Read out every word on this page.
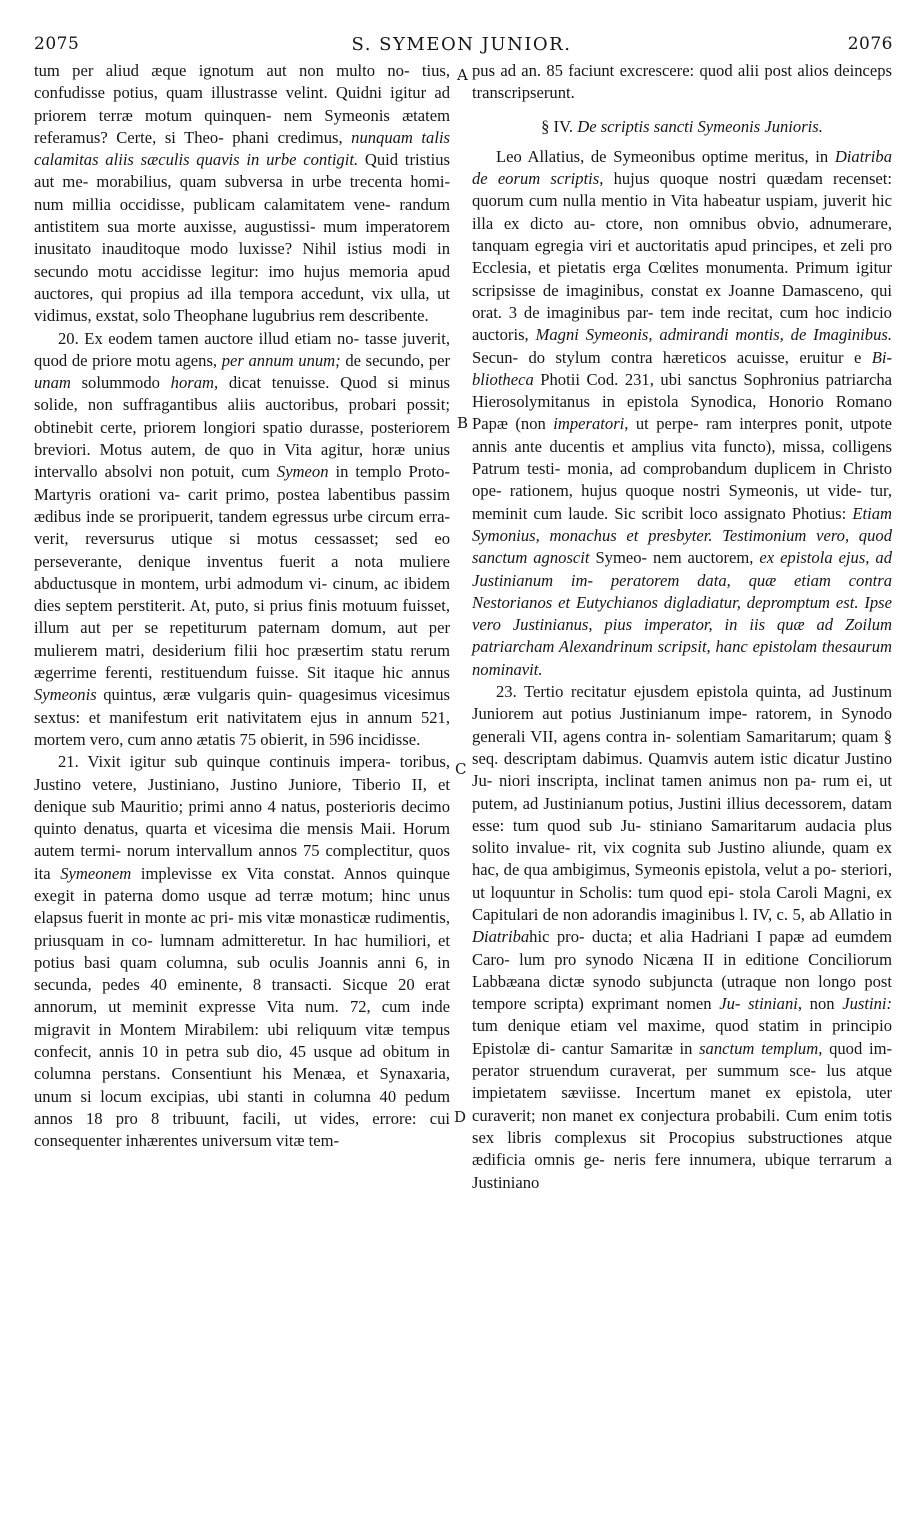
2075	S. SYMEON JUNIOR.	2076
A
B
C
D

tum per aliud æque ignotum aut non multo no- tius, confudisse potius, quam illustrasse velint. Quidni igitur ad priorem terræ motum quinquen- nem Symeonis ætatem referamus? Certe, si Theo- phani credimus, nunquam talis calamitas aliis sæculis quavis in urbe contigit. Quid tristius aut me- morabilius, quam subversa in urbe trecenta homi- num millia occidisse, publicam calamitatem vene- randum antistitem sua morte auxisse, augustissi- mum imperatorem inusitato inauditoque modo luxisse? Nihil istius modi in secundo motu accidisse legitur: imo hujus memoria apud auctores, qui propius ad illa tempora accedunt, vix ulla, ut vidimus, exstat, solo Theophane lugubrius rem describente.

20. Ex eodem tamen auctore illud etiam no- tasse juverit, quod de priore motu agens, per annum unum; de secundo, per unam solummodo horam, dicat tenuisse. Quod si minus solide, non suffragantibus aliis auctoribus, probari possit; obtinebit certe, priorem longiori spatio durasse, posteriorem breviori. Motus autem, de quo in Vita agitur, horæ unius intervallo absolvi non potuit, cum Symeon in templo Proto-Martyris orationi va- carit primo, postea labentibus passim ædibus inde se proripuerit, tandem egressus urbe circum erra- verit, reversurus utique si motus cessasset; sed eo perseverante, denique inventus fuerit a nota muliere abductusque in montem, urbi admodum vi- cinum, ac ibidem dies septem perstiterit. At, puto, si prius finis motuum fuisset, illum aut per se repetiturum paternam domum, aut per mulierem matri, desiderium filii hoc præsertim statu rerum ægerrime ferenti, restituendum fuisse. Sit itaque hic annus Symeonis quintus, æræ vulgaris quin- quagesimus vicesimus sextus: et manifestum erit nativitatem ejus in annum 521, mortem vero, cum anno ætatis 75 obierit, in 596 incidisse.

21. Vixit igitur sub quinque continuis impera- toribus, Justino vetere, Justiniano, Justino Juniore, Tiberio II, et denique sub Mauritio; primi anno 4 natus, posterioris decimo quinto denatus, quarta et vicesima die mensis Maii. Horum autem termi- norum intervallum annos 75 complectitur, quos ita Symeonem implevisse ex Vita constat. Annos quinque exegit in paterna domo usque ad terræ motum; hinc unus elapsus fuerit in monte ac pri- mis vitæ monasticæ rudimentis, priusquam in co- lumnam admitteretur. In hac humiliori, et potius basi quam columna, sub oculis Joannis anni 6, in secunda, pedes 40 eminente, 8 transacti. Sicque 20 erat annorum, ut meminit expresse Vita num. 72, cum inde migravit in Montem Mirabilem: ubi reliquum vitæ tempus confecit, annis 10 in petra sub dio, 45 usque ad obitum in columna perstans. Consentiunt his Menæa, et Synaxaria, unum si locum excipias, ubi stanti in columna 40 pedum annos 18 pro 8 tribuunt, facili, ut vides, errore: cui consequenter inhærentes universum vitæ tem-

pus ad an. 85 faciunt excrescere: quod alii post alios deinceps transcripserunt.

§ IV. De scriptis sancti Symeonis Junioris.

Leo Allatius, de Symeonibus optime meritus, in Diatriba de eorum scriptis, hujus quoque nostri quædam recenset: quorum cum nulla mentio in Vita habeatur uspiam, juverit hic illa ex dicto au- ctore, non omnibus obvio, adnumerare, tanquam egregia viri et auctoritatis apud principes, et zeli pro Ecclesia, et pietatis erga Cœlites monumenta. Primum igitur scripsisse de imaginibus, constat ex Joanne Damasceno, qui orat. 3 de imaginibus par- tem inde recitat, cum hoc indicio auctoris, Magni Symeonis, admirandi montis, de Imaginibus. Secun- do stylum contra hæreticos acuisse, eruitur e Bi- bliotheca Photii Cod. 231, ubi sanctus Sophronius patriarcha Hierosolymitanus in epistola Synodica, Honorio Romano Papæ (non imperatori, ut perpe- ram interpres ponit, utpote annis ante ducentis et amplius vita functo), missa, colligens Patrum testi- monia, ad comprobandum duplicem in Christo ope- rationem, hujus quoque nostri Symeonis, ut vide- tur, meminit cum laude. Sic scribit loco assignato Photius: Etiam Symonius, monachus et presbyter. Testimonium vero, quod sanctum agnoscit Symeo- nem auctorem, ex epistola ejus, ad Justinianum im- peratorem data, quæ etiam contra Nestorianos et Eutychianos digladiatur, depromptum est. Ipse vero Justinianus, pius imperator, in iis quæ ad Zoilum patriarcham Alexandrinum scripsit, hanc epistolam thesaurum nominavit.

23. Tertio recitatur ejusdem epistola quinta, ad Justinum Juniorem aut potius Justinianum impe- ratorem, in Synodo generali VII, agens contra in- solentiam Samaritarum; quam § seq. descriptam dabimus. Quamvis autem istic dicatur Justino Ju- niori inscripta, inclinat tamen animus non pa- rum ei, ut putem, ad Justinianum potius, Justini illius decessorem, datam esse: tum quod sub Ju- stiniano Samaritarum audacia plus solito invalue- rit, vix cognita sub Justino aliunde, quam ex hac, de qua ambigimus, Symeonis epistola, velut a po- steriori, ut loquuntur in Scholis: tum quod epi- stola Caroli Magni, ex Capitulari de non adorandis imaginibus l. IV, c. 5, ab Allatio in Diatribahic pro- ducta; et alia Hadriani I papæ ad eumdem Caro- lum pro synodo Nicæna II in editione Conciliorum Labbæana dictæ synodo subjuncta (utraque non longo post tempore scripta) exprimant nomen Ju- stiniani, non Justini: tum denique etiam vel maxime, quod statim in principio Epistolæ di- cantur Samaritæ in sanctum templum, quod im- perator struendum curaverat, per summum sce- lus atque impietatem sæviisse. Incertum manet ex epistola, uter curaverit; non manet ex conjectura probabili. Cum enim totis sex libris complexus sit Procopius substructiones atque ædificia omnis ge- neris fere innumera, ubique terrarum a Justiniano
